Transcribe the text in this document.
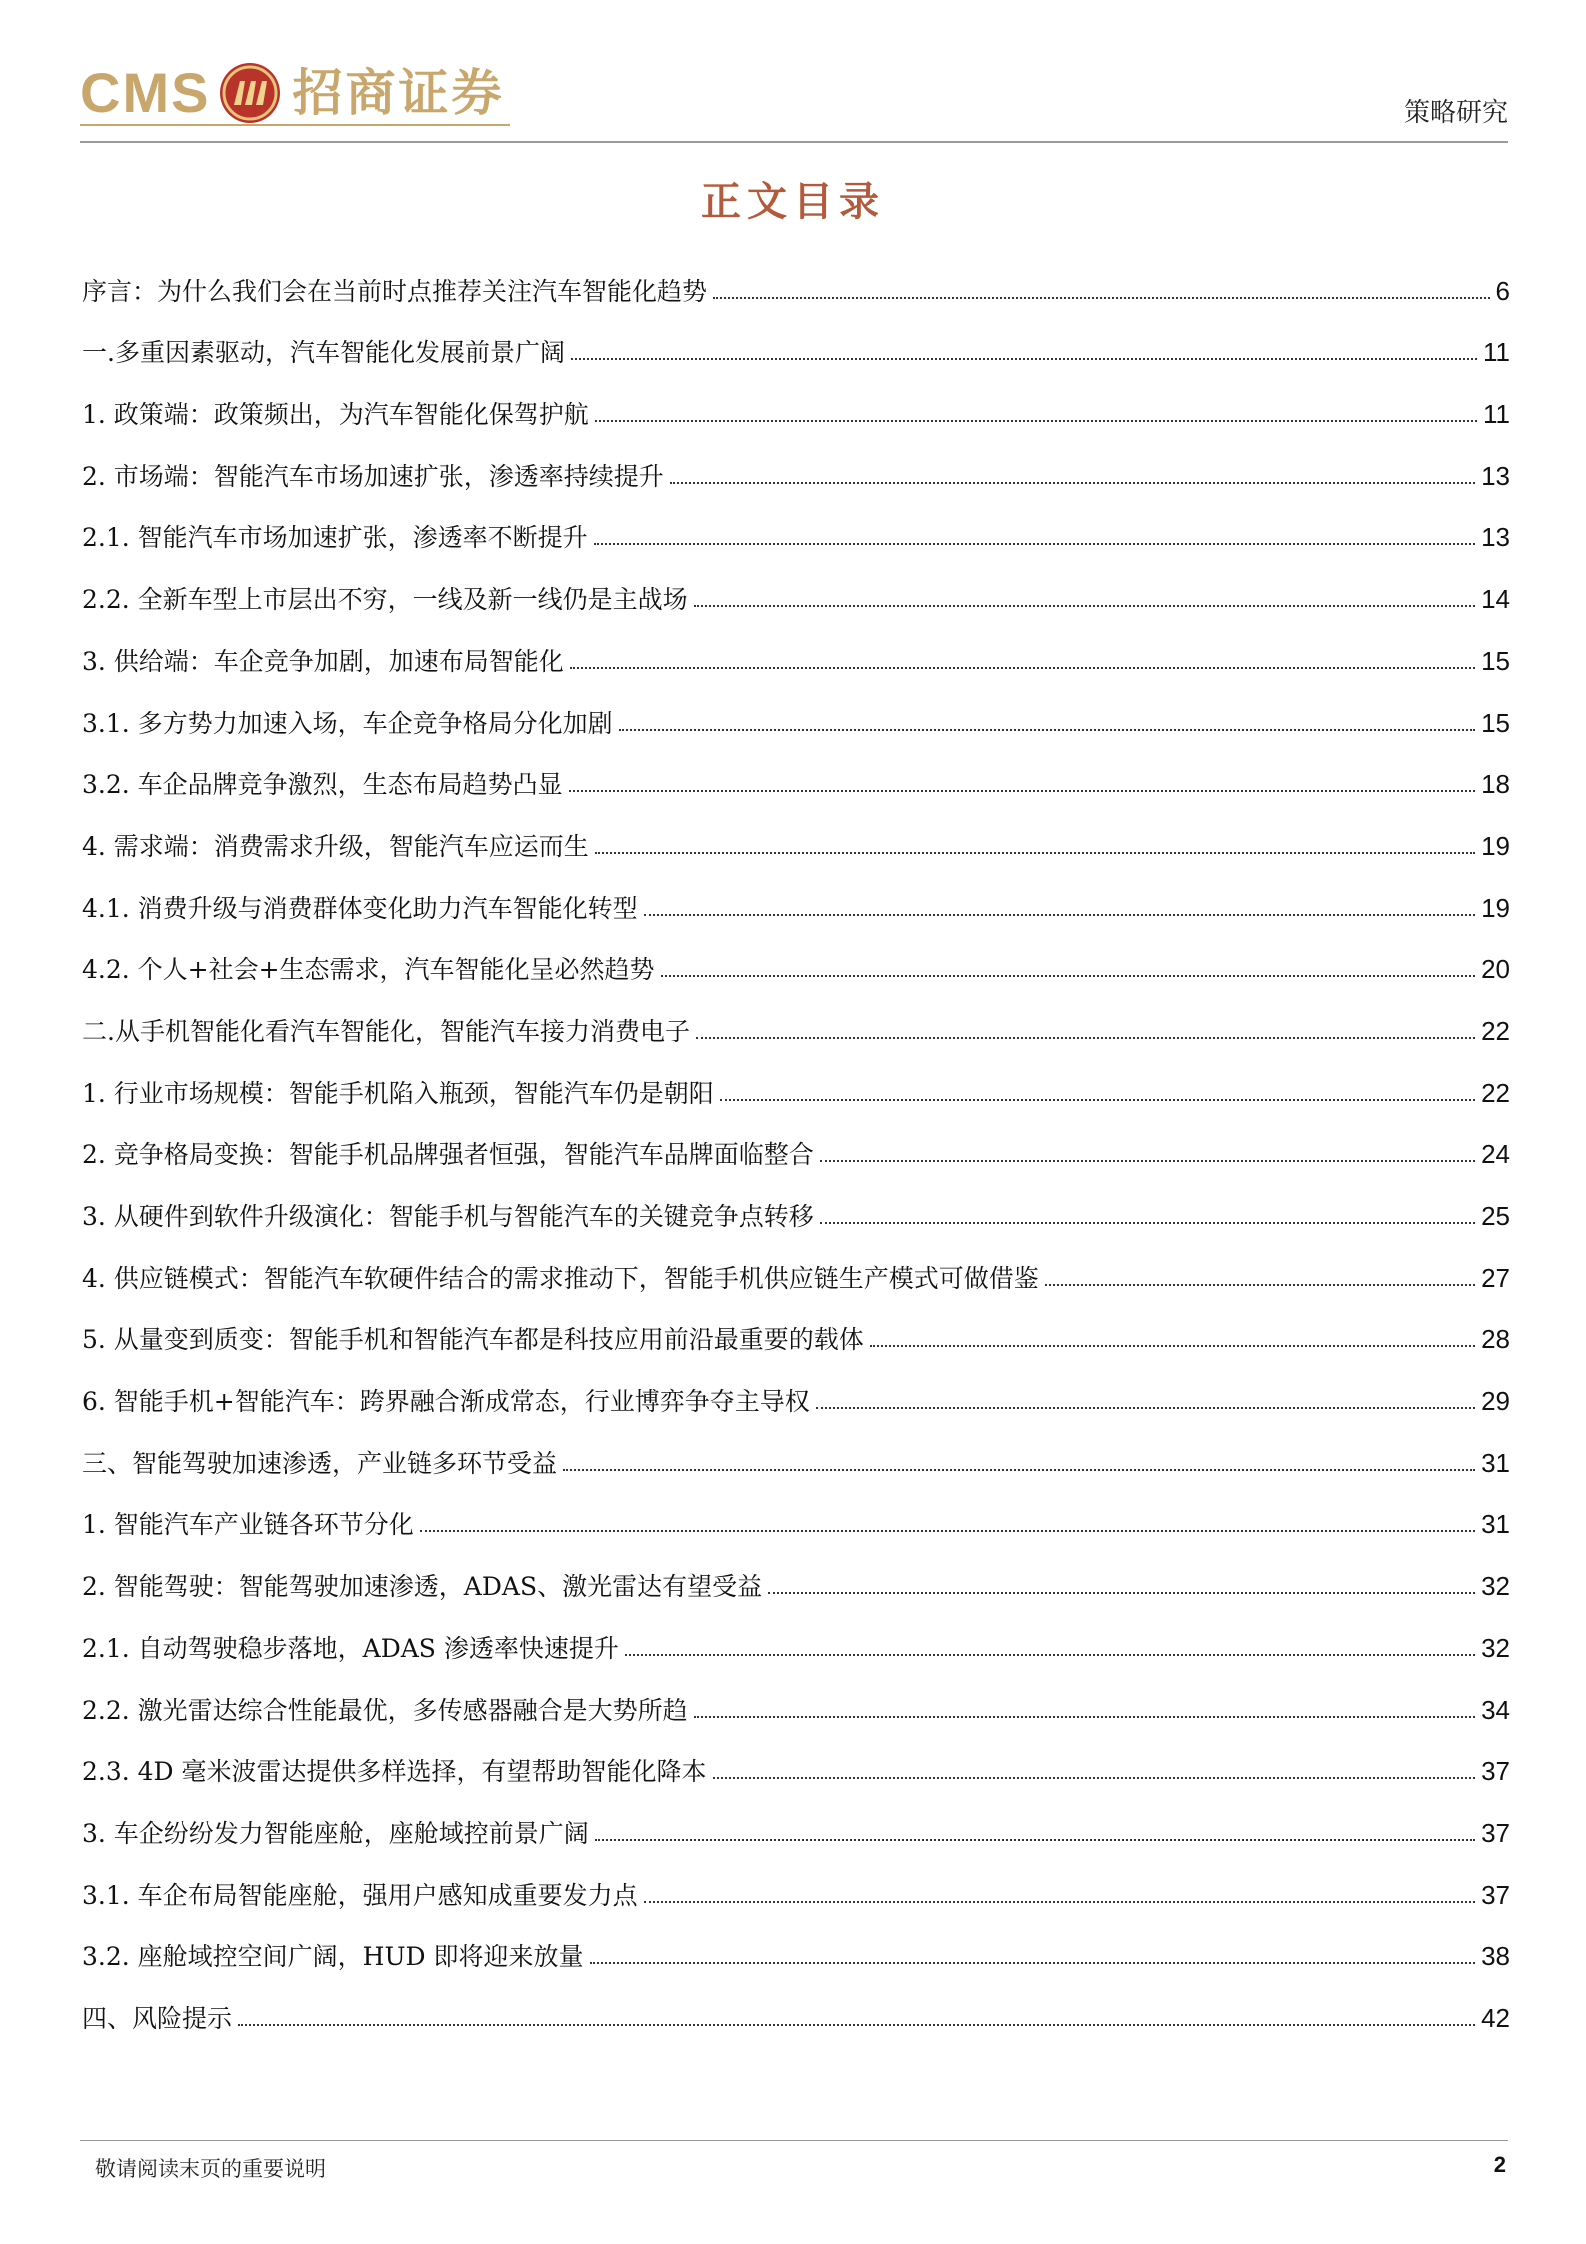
CMS 招商证券	策略研究
正文目录
序言：为什么我们会在当前时点推荐关注汽车智能化趋势	6
一.多重因素驱动，汽车智能化发展前景广阔	11
1. 政策端：政策频出，为汽车智能化保驾护航	11
2. 市场端：智能汽车市场加速扩张，渗透率持续提升	13
2.1. 智能汽车市场加速扩张，渗透率不断提升	13
2.2. 全新车型上市层出不穷，一线及新一线仍是主战场	14
3. 供给端：车企竞争加剧，加速布局智能化	15
3.1. 多方势力加速入场，车企竞争格局分化加剧	15
3.2. 车企品牌竞争激烈，生态布局趋势凸显	18
4. 需求端：消费需求升级，智能汽车应运而生	19
4.1. 消费升级与消费群体变化助力汽车智能化转型	19
4.2. 个人+社会+生态需求，汽车智能化呈必然趋势	20
二.从手机智能化看汽车智能化，智能汽车接力消费电子	22
1. 行业市场规模：智能手机陷入瓶颈，智能汽车仍是朝阳	22
2. 竞争格局变换：智能手机品牌强者恒强，智能汽车品牌面临整合	24
3. 从硬件到软件升级演化：智能手机与智能汽车的关键竞争点转移	25
4. 供应链模式：智能汽车软硬件结合的需求推动下，智能手机供应链生产模式可做借鉴	27
5. 从量变到质变：智能手机和智能汽车都是科技应用前沿最重要的载体	28
6. 智能手机+智能汽车：跨界融合渐成常态，行业博弈争夺主导权	29
三、智能驾驶加速渗透，产业链多环节受益	31
1. 智能汽车产业链各环节分化	31
2. 智能驾驶：智能驾驶加速渗透，ADAS、激光雷达有望受益	32
2.1. 自动驾驶稳步落地，ADAS 渗透率快速提升	32
2.2. 激光雷达综合性能最优，多传感器融合是大势所趋	34
2.3. 4D 毫米波雷达提供多样选择，有望帮助智能化降本	37
3. 车企纷纷发力智能座舱，座舱域控前景广阔	37
3.1. 车企布局智能座舱，强用户感知成重要发力点	37
3.2. 座舱域控空间广阔，HUD 即将迎来放量	38
四、风险提示	42
敬请阅读末页的重要说明	2
